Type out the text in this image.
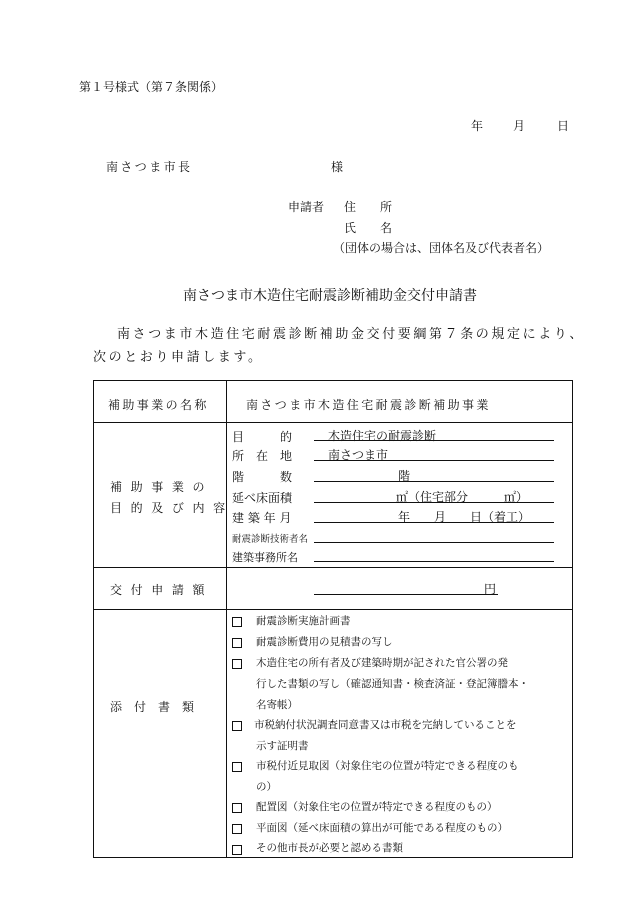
第１号様式（第７条関係）
年 月	日
南さつま市長	様
申請者 住　　所
氏　　名
（団体の場合は、団体名及び代表者名）
南さつま市木造住宅耐震診断補助金交付申請書
南さつま市木造住宅耐震診断補助金交付要綱第７条の規定により、
次のとおり申請します。
補助事業の名称	南さつま市木造住宅耐震診断補助事業
補 助 事 業 の
目 的 及 び 内 容
目　　　的	木造住宅の耐震診断
所　在　地	南さつま市
階　　　数	階
延べ床面積	㎡（住宅部分　　　㎡）
建 築 年 月	年　　月　　日（着工）
耐震診断技術者名
建築事務所名
交 付 申 請 額	円
添　付　書　類
耐震診断実施計画書
耐震診断費用の見積書の写し
木造住宅の所有者及び建築時期が記された官公署の発
行した書類の写し（確認通知書・検査済証・登記簿謄本・
名寄帳）
市税納付状況調査同意書又は市税を完納していることを
示す証明書
市税付近見取図（対象住宅の位置が特定できる程度のも
の）
配置図（対象住宅の位置が特定できる程度のもの）
平面図（延べ床面積の算出が可能である程度のもの）
その他市長が必要と認める書類
